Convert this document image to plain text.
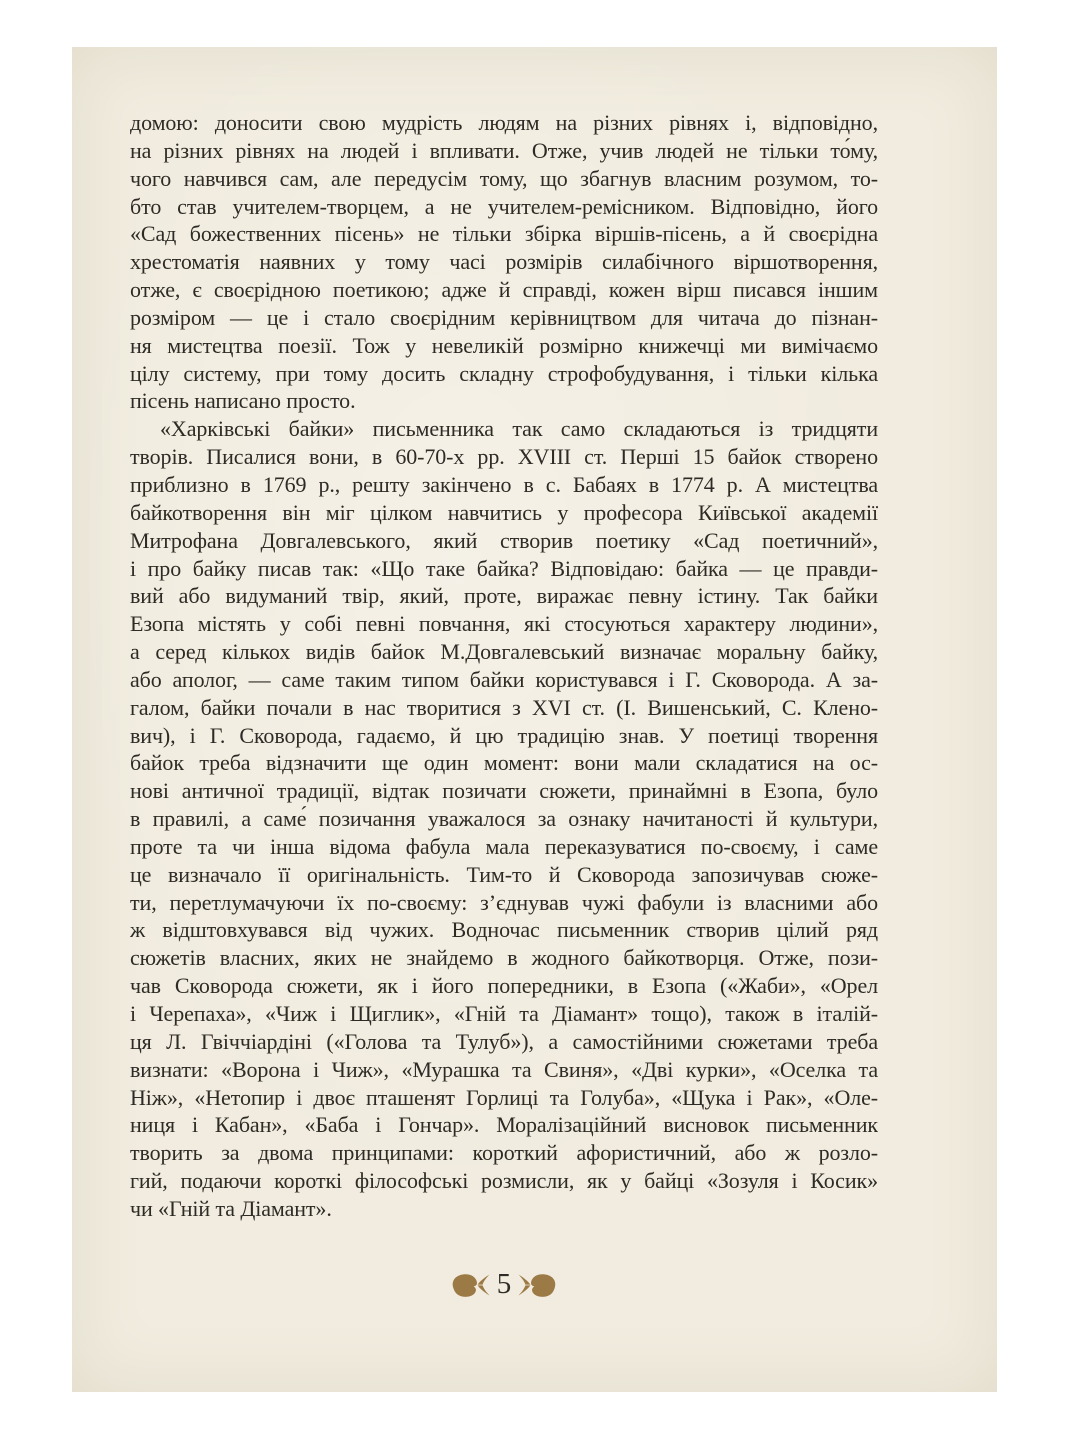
домою: доносити свою мудрість людям на різних рівнях і, відповідно,
на різних рівнях на людей і впливати. Отже, учив людей не тільки то́му,
чого навчився сам, але передусім тому, що збагнув власним розумом, то-
бто став учителем-творцем, а не учителем-ремісником. Відповідно, його
«Сад божественних пісень» не тільки збірка віршів-пісень, а й своєрідна
хрестоматія наявних у тому часі розмірів силабічного віршотворення,
отже, є своєрідною поетикою; адже й справді, кожен вірш писався іншим
розміром — це і стало своєрідним керівництвом для читача до пізнан-
ня мистецтва поезії. Тож у невеликій розмірно книжечці ми вимічаємо
цілу систему, при тому досить складну строфобудування, і тільки кілька
пісень написано просто.
«Харківські байки» письменника так само складаються із тридцяти
творів. Писалися вони, в 60-70-х рр. XVIII ст. Перші 15 байок створено
приблизно в 1769 р., решту закінчено в с. Бабаях в 1774 р. А мистецтва
байкотворення він міг цілком навчитись у професора Київської академії
Митрофана Довгалевського, який створив поетику «Сад поетичний»,
і про байку писав так: «Що таке байка? Відповідаю: байка — це правди-
вий або видуманий твір, який, проте, виражає певну істину. Так байки
Езопа містять у собі певні повчання, які стосуються характеру людини»,
а серед кількох видів байок М.Довгалевський визначає моральну байку,
або аполог, — саме таким типом байки користувався і Г. Сковорода. А за-
галом, байки почали в нас творитися з XVI ст. (І. Вишенський, С. Клено-
вич), і Г. Сковорода, гадаємо, й цю традицію знав. У поетиці творення
байок треба відзначити ще один момент: вони мали складатися на ос-
нові античної традиції, відтак позичати сюжети, принаймні в Езопа, було
в правилі, а саме́ позичання уважалося за ознаку начитаності й культури,
проте та чи інша відома фабула мала переказуватися по-своєму, і саме
це визначало її оригінальність. Тим-то й Сковорода запозичував сюже-
ти, перетлумачуючи їх по-своєму: з’єднував чужі фабули із власними або
ж відштовхувався від чужих. Водночас письменник створив цілий ряд
сюжетів власних, яких не знайдемо в жодного байкотворця. Отже, пози-
чав Сковорода сюжети, як і його попередники, в Езопа («Жаби», «Орел
і Черепаха», «Чиж і Щиглик», «Гній та Діамант» тощо), також в італій-
ця Л. Гвіччіардіні («Голова та Тулуб»), а самостійними сюжетами треба
визнати: «Ворона і Чиж», «Мурашка та Свиня», «Дві курки», «Оселка та
Ніж», «Нетопир і двоє пташенят Горлиці та Голуба», «Щука і Рак», «Оле-
ниця і Кабан», «Баба і Гончар». Моралізаційний висновок письменник
творить за двома принципами: короткий афористичний, або ж розло-
гий, подаючи короткі філософські розмисли, як у байці «Зозуля і Косик»
чи «Гній та Діамант».
5
